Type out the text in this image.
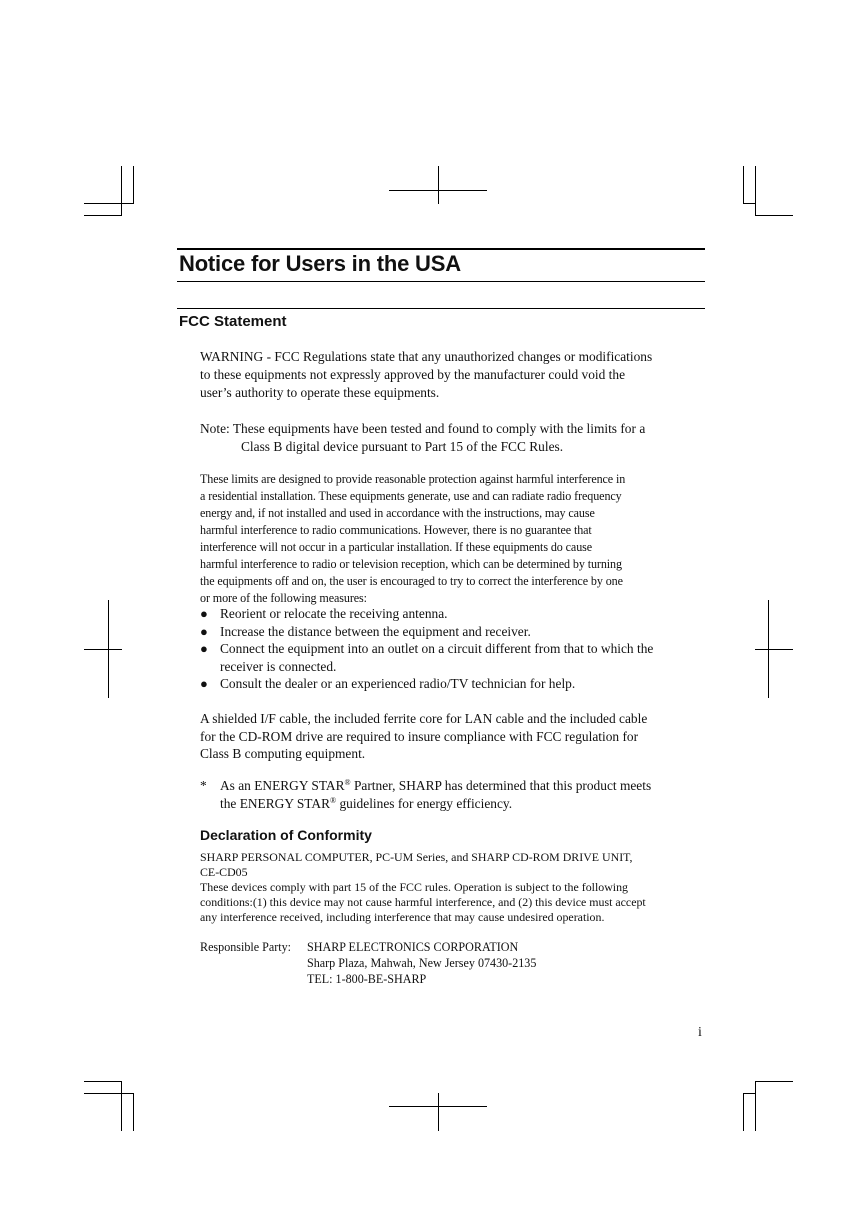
Notice for Users in the USA
FCC Statement
WARNING - FCC Regulations state that any unauthorized changes or modifications
to these equipments not expressly approved by the manufacturer could void the
user’s authority to operate these equipments.
Note: These equipments have been tested and found to comply with the limits for a
Class B digital device pursuant to Part 15 of the FCC Rules.
These limits are designed to provide reasonable protection against harmful interference in
a residential installation. These equipments generate, use and can radiate radio frequency
energy and, if not installed and used in accordance with the instructions, may cause
harmful interference to radio communications. However, there is no guarantee that
interference will not occur in a particular installation. If these equipments do cause
harmful interference to radio or television reception, which can be determined by turning
the equipments off and on, the user is encouraged to try to correct the interference by one
or more of the following measures:
● Reorient or relocate the receiving antenna.
● Increase the distance between the equipment and receiver.
● Connect the equipment into an outlet on a circuit different from that to which the
receiver is connected.
● Consult the dealer or an experienced radio/TV technician for help.
A shielded I/F cable, the included ferrite core for LAN cable and the included cable
for the CD-ROM drive are required to insure compliance with FCC regulation for
Class B computing equipment.
* As an ENERGY STAR® Partner, SHARP has determined that this product meets
the ENERGY STAR® guidelines for energy efficiency.
Declaration of Conformity
SHARP PERSONAL COMPUTER, PC-UM Series, and SHARP CD-ROM DRIVE UNIT,
CE-CD05
These devices comply with part 15 of the FCC rules. Operation is subject to the following
conditions:(1) this device may not cause harmful interference, and (2) this device must accept
any interference received, including interference that may cause undesired operation.
Responsible Party: SHARP ELECTRONICS CORPORATION
Sharp Plaza, Mahwah, New Jersey 07430-2135
TEL: 1-800-BE-SHARP
i
